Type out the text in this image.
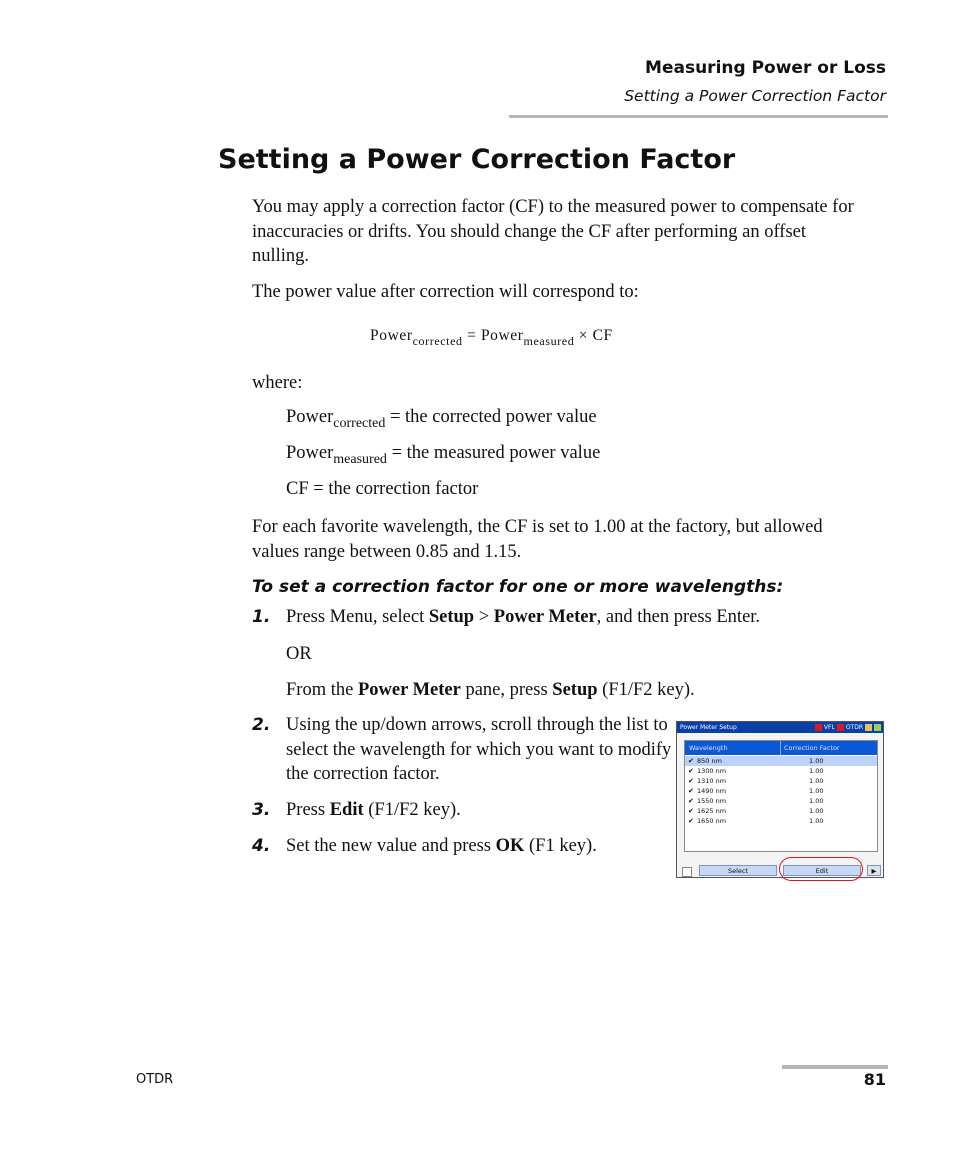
Measuring Power or Loss
Setting a Power Correction Factor
Setting a Power Correction Factor

You may apply a correction factor (CF) to the measured power to compensate for inaccuracies or drifts. You should change the CF after performing an offset nulling.

The power value after correction will correspond to:

Power$_{corrected}$ = Power$_{measured}$ × CF
where:
Power$_{corrected}$ = the corrected power value
Power$_{measured}$ = the measured power value
CF = the correction factor

For each favorite wavelength, the CF is set to 1.00 at the factory, but allowed values range between 0.85 and 1.15.

To set a correction factor for one or more wavelengths:
1. Press Menu, select Setup > Power Meter, and then press Enter.
OR
From the Power Meter pane, press Setup (F1/F2 key).
2. Using the up/down arrows, scroll through the list to select the wavelength for which you want to modify the correction factor.
3. Press Edit (F1/F2 key).
4. Set the new value and press OK (F1 key).
Power Meter Setup	VFL OTDR
Wavelength	Correction Factor
✔ 850 nm	1.00
✔ 1300 nm	1.00
✔ 1310 nm	1.00
✔ 1490 nm	1.00
✔ 1550 nm	1.00
✔ 1625 nm	1.00
✔ 1650 nm	1.00
Select	Edit	▶
OTDR	81
